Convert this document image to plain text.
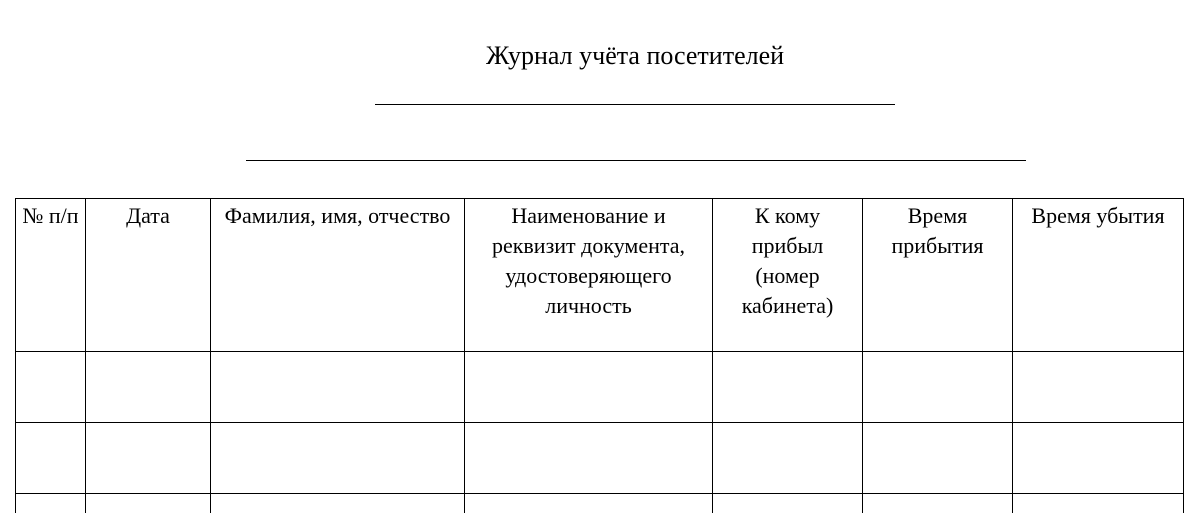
Журнал учёта посетителей
№ п/п	Дата	Фамилия, имя, отчество	Наименование и реквизит документа, удостоверяющего личность	К кому прибыл (номер кабинета)	Время прибытия	Время убытия
